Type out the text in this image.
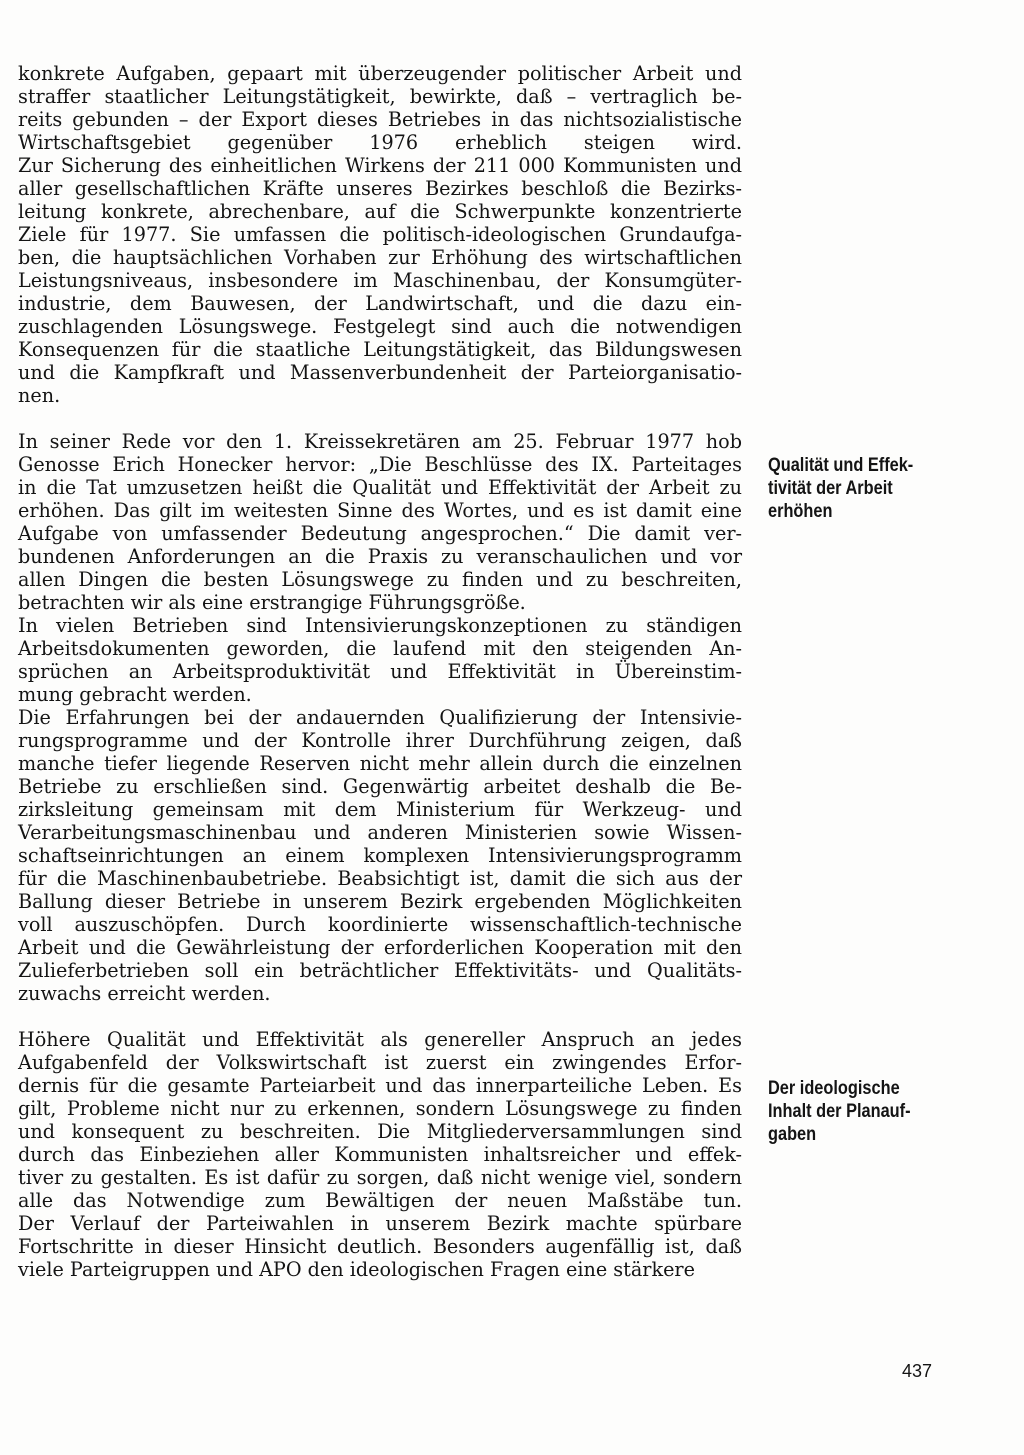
konkrete Aufgaben, gepaart mit überzeugender politischer Arbeit und
straffer staatlicher Leitungstätigkeit, bewirkte, daß – vertraglich be-
reits gebunden – der Export dieses Betriebes in das nichtsozialistische
Wirtschaftsgebiet gegenüber 1976 erheblich steigen wird.
Zur Sicherung des einheitlichen Wirkens der 211 000 Kommunisten und
aller gesellschaftlichen Kräfte unseres Bezirkes beschloß die Bezirks-
leitung konkrete, abrechenbare, auf die Schwerpunkte konzentrierte
Ziele für 1977. Sie umfassen die politisch-ideologischen Grundaufga-
ben, die hauptsächlichen Vorhaben zur Erhöhung des wirtschaftlichen
Leistungsniveaus, insbesondere im Maschinenbau, der Konsumgüter-
industrie, dem Bauwesen, der Landwirtschaft, und die dazu ein-
zuschlagenden Lösungswege. Festgelegt sind auch die notwendigen
Konsequenzen für die staatliche Leitungstätigkeit, das Bildungswesen
und die Kampfkraft und Massenverbundenheit der Parteiorganisatio-
nen.
In seiner Rede vor den 1. Kreissekretären am 25. Februar 1977 hob
Genosse Erich Honecker hervor: „Die Beschlüsse des IX. Parteitages
in die Tat umzusetzen heißt die Qualität und Effektivität der Arbeit zu
erhöhen. Das gilt im weitesten Sinne des Wortes, und es ist damit eine
Aufgabe von umfassender Bedeutung angesprochen.“ Die damit ver-
bundenen Anforderungen an die Praxis zu veranschaulichen und vor
allen Dingen die besten Lösungswege zu finden und zu beschreiten,
betrachten wir als eine erstrangige Führungsgröße.
In vielen Betrieben sind Intensivierungskonzeptionen zu ständigen
Arbeitsdokumenten geworden, die laufend mit den steigenden An-
sprüchen an Arbeitsproduktivität und Effektivität in Übereinstim-
mung gebracht werden.
Die Erfahrungen bei der andauernden Qualifizierung der Intensivie-
rungsprogramme und der Kontrolle ihrer Durchführung zeigen, daß
manche tiefer liegende Reserven nicht mehr allein durch die einzelnen
Betriebe zu erschließen sind. Gegenwärtig arbeitet deshalb die Be-
zirksleitung gemeinsam mit dem Ministerium für Werkzeug- und
Verarbeitungsmaschinenbau und anderen Ministerien sowie Wissen-
schaftseinrichtungen an einem komplexen Intensivierungsprogramm
für die Maschinenbaubetriebe. Beabsichtigt ist, damit die sich aus der
Ballung dieser Betriebe in unserem Bezirk ergebenden Möglichkeiten
voll auszuschöpfen. Durch koordinierte wissenschaftlich-technische
Arbeit und die Gewährleistung der erforderlichen Kooperation mit den
Zulieferbetrieben soll ein beträchtlicher Effektivitäts- und Qualitäts-
zuwachs erreicht werden.
Höhere Qualität und Effektivität als genereller Anspruch an jedes
Aufgabenfeld der Volkswirtschaft ist zuerst ein zwingendes Erfor-
dernis für die gesamte Parteiarbeit und das innerparteiliche Leben. Es
gilt, Probleme nicht nur zu erkennen, sondern Lösungswege zu finden
und konsequent zu beschreiten. Die Mitgliederversammlungen sind
durch das Einbeziehen aller Kommunisten inhaltsreicher und effek-
tiver zu gestalten. Es ist dafür zu sorgen, daß nicht wenige viel, sondern
alle das Notwendige zum Bewältigen der neuen Maßstäbe tun.
Der Verlauf der Parteiwahlen in unserem Bezirk machte spürbare
Fortschritte in dieser Hinsicht deutlich. Besonders augenfällig ist, daß
viele Parteigruppen und APO den ideologischen Fragen eine stärkere
Qualität und Effek-
tivität der Arbeit
erhöhen
Der ideologische
Inhalt der Planauf-
gaben
437
